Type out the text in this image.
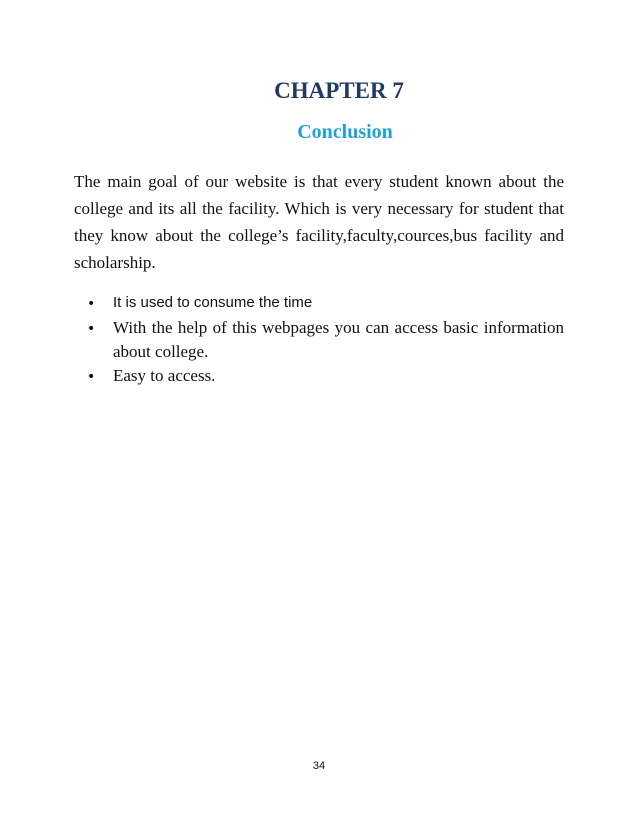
CHAPTER 7
Conclusion

The main goal of our website is that every student known about the college and its all the facility. Which is very necessary for student that they know about the college’s facility,faculty,cources,bus facility and scholarship.

• It is used to consume the time
• With the help of this webpages you can access basic information about college.
• Easy to access.

34
